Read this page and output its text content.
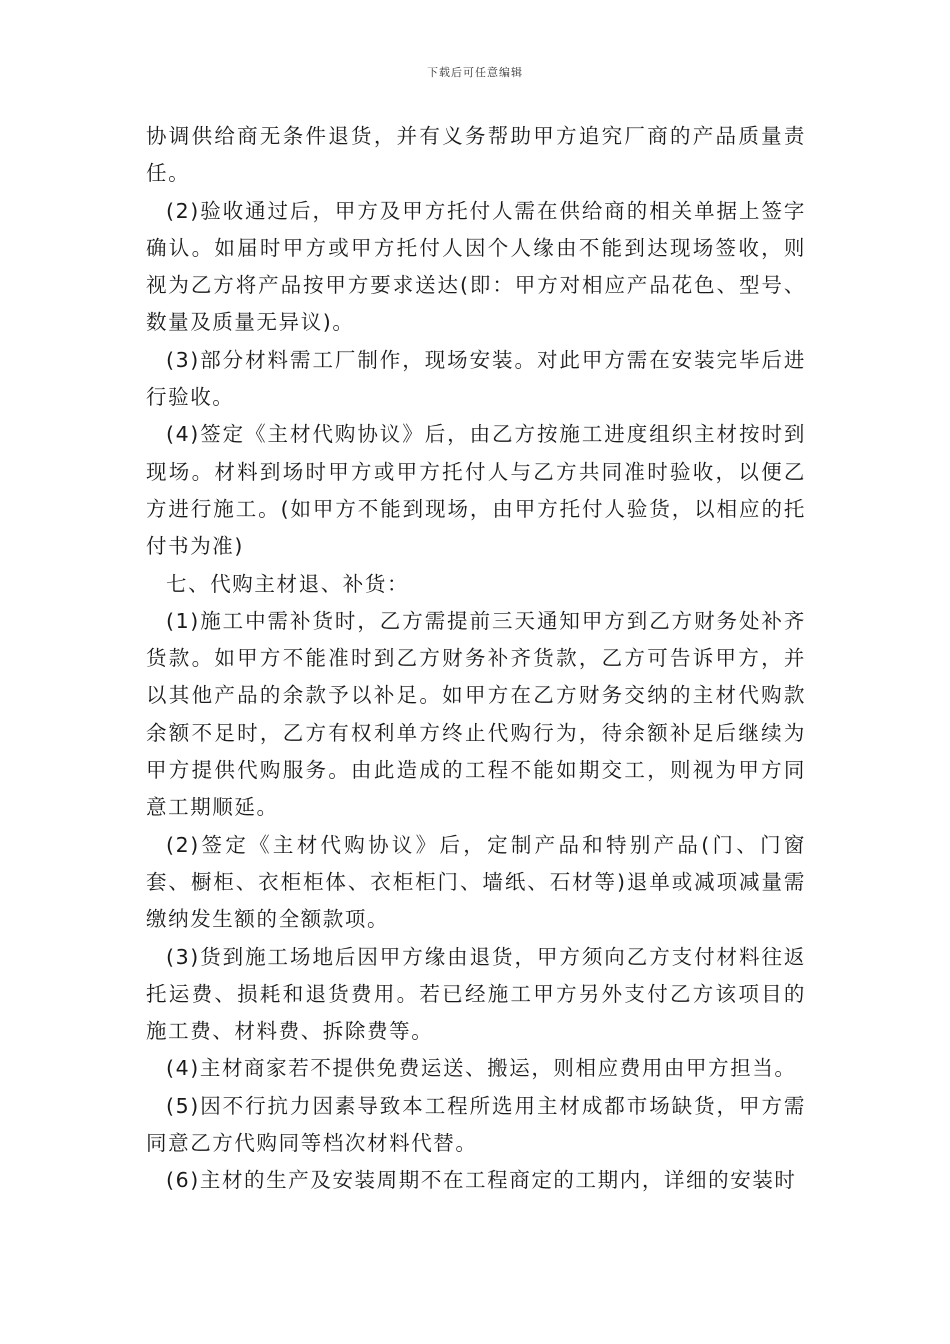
下载后可任意编辑

协调供给商无条件退货，并有义务帮助甲方追究厂商的产品质量责任。

(2)验收通过后，甲方及甲方托付人需在供给商的相关单据上签字确认。如届时甲方或甲方托付人因个人缘由不能到达现场签收，则视为乙方将产品按甲方要求送达(即：甲方对相应产品花色、型号、数量及质量无异议)。

(3)部分材料需工厂制作，现场安装。对此甲方需在安装完毕后进行验收。

(4)签定《主材代购协议》后，由乙方按施工进度组织主材按时到现场。材料到场时甲方或甲方托付人与乙方共同准时验收，以便乙方进行施工。(如甲方不能到现场，由甲方托付人验货，以相应的托付书为准)

七、代购主材退、补货：

(1)施工中需补货时，乙方需提前三天通知甲方到乙方财务处补齐货款。如甲方不能准时到乙方财务补齐货款，乙方可告诉甲方，并以其他产品的余款予以补足。如甲方在乙方财务交纳的主材代购款余额不足时，乙方有权利单方终止代购行为，待余额补足后继续为甲方提供代购服务。由此造成的工程不能如期交工，则视为甲方同意工期顺延。

(2)签定《主材代购协议》后，定制产品和特别产品(门、门窗套、橱柜、衣柜柜体、衣柜柜门、墙纸、石材等)退单或减项减量需缴纳发生额的全额款项。

(3)货到施工场地后因甲方缘由退货，甲方须向乙方支付材料往返托运费、损耗和退货费用。若已经施工甲方另外支付乙方该项目的施工费、材料费、拆除费等。

(4)主材商家若不提供免费运送、搬运，则相应费用由甲方担当。

(5)因不行抗力因素导致本工程所选用主材成都市场缺货，甲方需同意乙方代购同等档次材料代替。

(6)主材的生产及安装周期不在工程商定的工期内，详细的安装时
